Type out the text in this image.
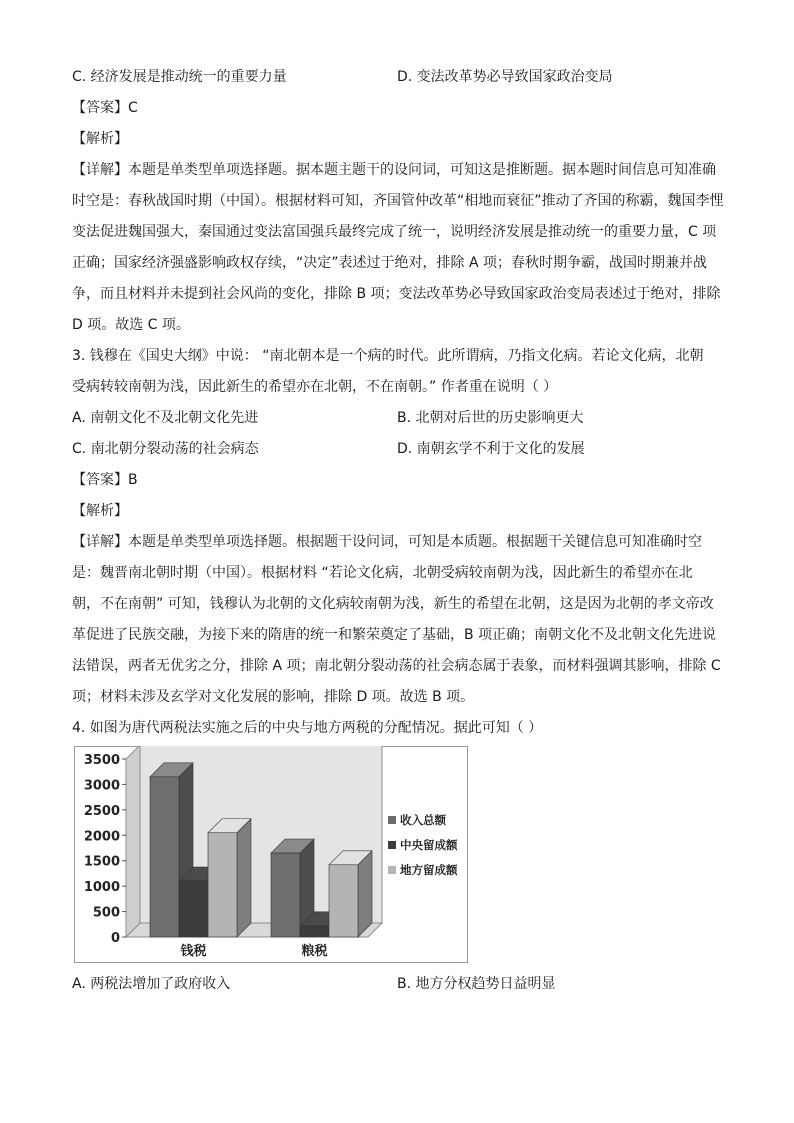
C. 经济发展是推动统一的重要力量	D. 变法改革势必导致国家政治变局
【答案】C
【解析】
【详解】本题是单类型单项选择题。据本题主题干的设问词，可知这是推断题。据本题时间信息可知准确
时空是：春秋战国时期（中国）。根据材料可知，齐国管仲改革“相地而衰征”推动了齐国的称霸，魏国李悝
变法促进魏国强大，秦国通过变法富国强兵最终完成了统一，说明经济发展是推动统一的重要力量，C 项
正确；国家经济强盛影响政权存续，“决定”表述过于绝对，排除 A 项；春秋时期争霸，战国时期兼并战
争，而且材料并未提到社会风尚的变化，排除 B 项；变法改革势必导致国家政治变局表述过于绝对，排除
D 项。故选 C 项。
3. 钱穆在《国史大纲》中说： “南北朝本是一个病的时代。此所谓病，乃指文化病。若论文化病，北朝
受病转较南朝为浅，因此新生的希望亦在北朝，不在南朝。” 作者重在说明（ ）
A. 南朝文化不及北朝文化先进	B. 北朝对后世的历史影响更大
C. 南北朝分裂动荡的社会病态	D. 南朝玄学不利于文化的发展
【答案】B
【解析】
【详解】本题是单类型单项选择题。根据题干设问词，可知是本质题。根据题干关键信息可知准确时空
是：魏晋南北朝时期（中国）。根据材料 “若论文化病，北朝受病较南朝为浅，因此新生的希望亦在北
朝，不在南朝” 可知，钱穆认为北朝的文化病较南朝为浅，新生的希望在北朝，这是因为北朝的孝文帝改
革促进了民族交融，为接下来的隋唐的统一和繁荣奠定了基础，B 项正确；南朝文化不及北朝文化先进说
法错误，两者无优劣之分，排除 A 项；南北朝分裂动荡的社会病态属于表象，而材料强调其影响，排除 C
项；材料未涉及玄学对文化发展的影响，排除 D 项。故选 B 项。
4. 如图为唐代两税法实施之后的中央与地方两税的分配情况。据此可知（ ）
0
500
1000
1500
2000
2500
3000
3500
钱税	粮税
收入总额
中央留成额
地方留成额
A. 两税法增加了政府收入	B. 地方分权趋势日益明显
